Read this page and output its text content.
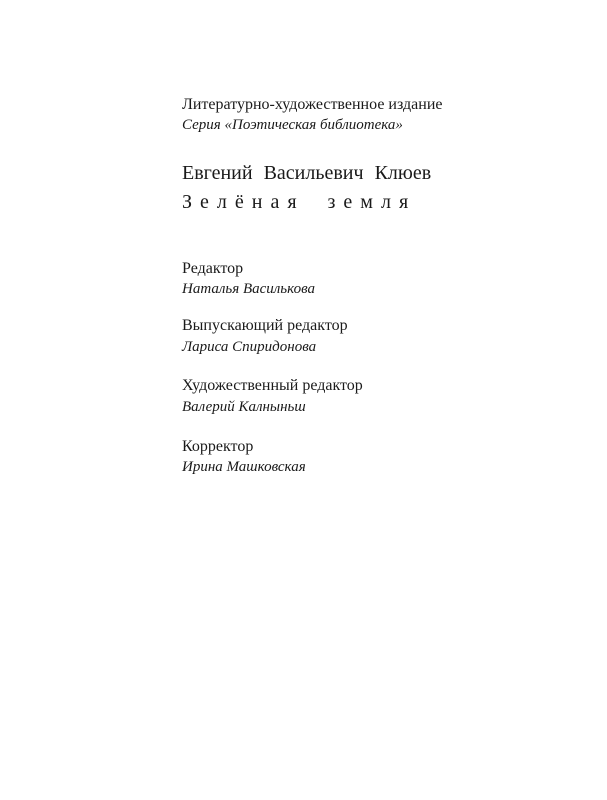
Литературно-художественное издание
Серия «Поэтическая библиотека»
Евгений Васильевич Клюев
Зелёная земля
Редактор
Наталья Василькова
Выпускающий редактор
Лариса Спиридонова
Художественный редактор
Валерий Калныньш
Корректор
Ирина Машковская
